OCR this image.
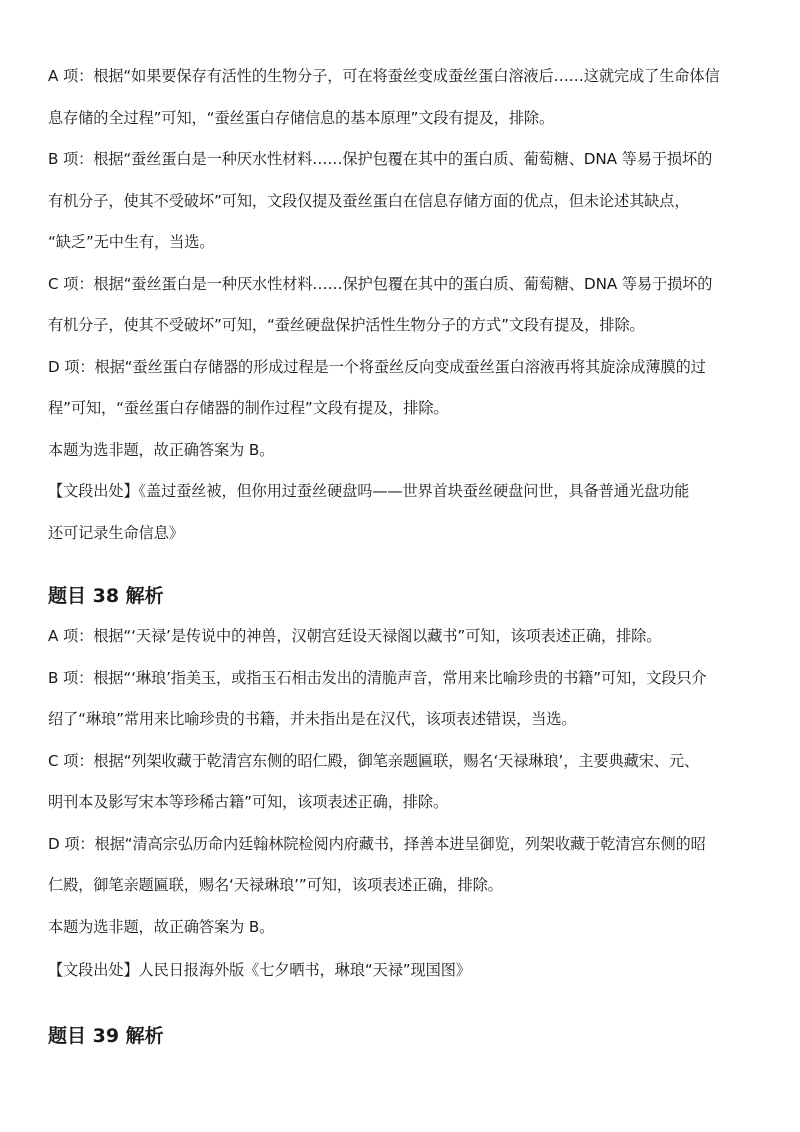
A 项：根据“如果要保存有活性的生物分子，可在将蚕丝变成蚕丝蛋白溶液后……这就完成了生命体信
息存储的全过程”可知，“蚕丝蛋白存储信息的基本原理”文段有提及，排除。
B 项：根据“蚕丝蛋白是一种厌水性材料……保护包覆在其中的蛋白质、葡萄糖、DNA 等易于损坏的
有机分子，使其不受破坏”可知，文段仅提及蚕丝蛋白在信息存储方面的优点，但未论述其缺点，
“缺乏”无中生有，当选。
C 项：根据“蚕丝蛋白是一种厌水性材料……保护包覆在其中的蛋白质、葡萄糖、DNA 等易于损坏的
有机分子，使其不受破坏”可知，“蚕丝硬盘保护活性生物分子的方式”文段有提及，排除。
D 项：根据“蚕丝蛋白存储器的形成过程是一个将蚕丝反向变成蚕丝蛋白溶液再将其旋涂成薄膜的过
程”可知，“蚕丝蛋白存储器的制作过程”文段有提及，排除。
本题为选非题，故正确答案为 B。
【文段出处】《盖过蚕丝被，但你用过蚕丝硬盘吗——世界首块蚕丝硬盘问世，具备普通光盘功能
还可记录生命信息》
题目 38 解析
A 项：根据“‘天禄’是传说中的神兽，汉朝宫廷设天禄阁以藏书”可知，该项表述正确，排除。
B 项：根据“‘琳琅’指美玉，或指玉石相击发出的清脆声音，常用来比喻珍贵的书籍”可知，文段只介
绍了“琳琅”常用来比喻珍贵的书籍，并未指出是在汉代，该项表述错误，当选。
C 项：根据“列架收藏于乾清宫东侧的昭仁殿，御笔亲题匾联，赐名‘天禄琳琅’，主要典藏宋、元、
明刊本及影写宋本等珍稀古籍”可知，该项表述正确，排除。
D 项：根据“清高宗弘历命内廷翰林院检阅内府藏书，择善本进呈御览，列架收藏于乾清宫东侧的昭
仁殿，御笔亲题匾联，赐名‘天禄琳琅’”可知，该项表述正确，排除。
本题为选非题，故正确答案为 B。
【文段出处】人民日报海外版《七夕晒书，琳琅“天禄”现国图》
题目 39 解析
